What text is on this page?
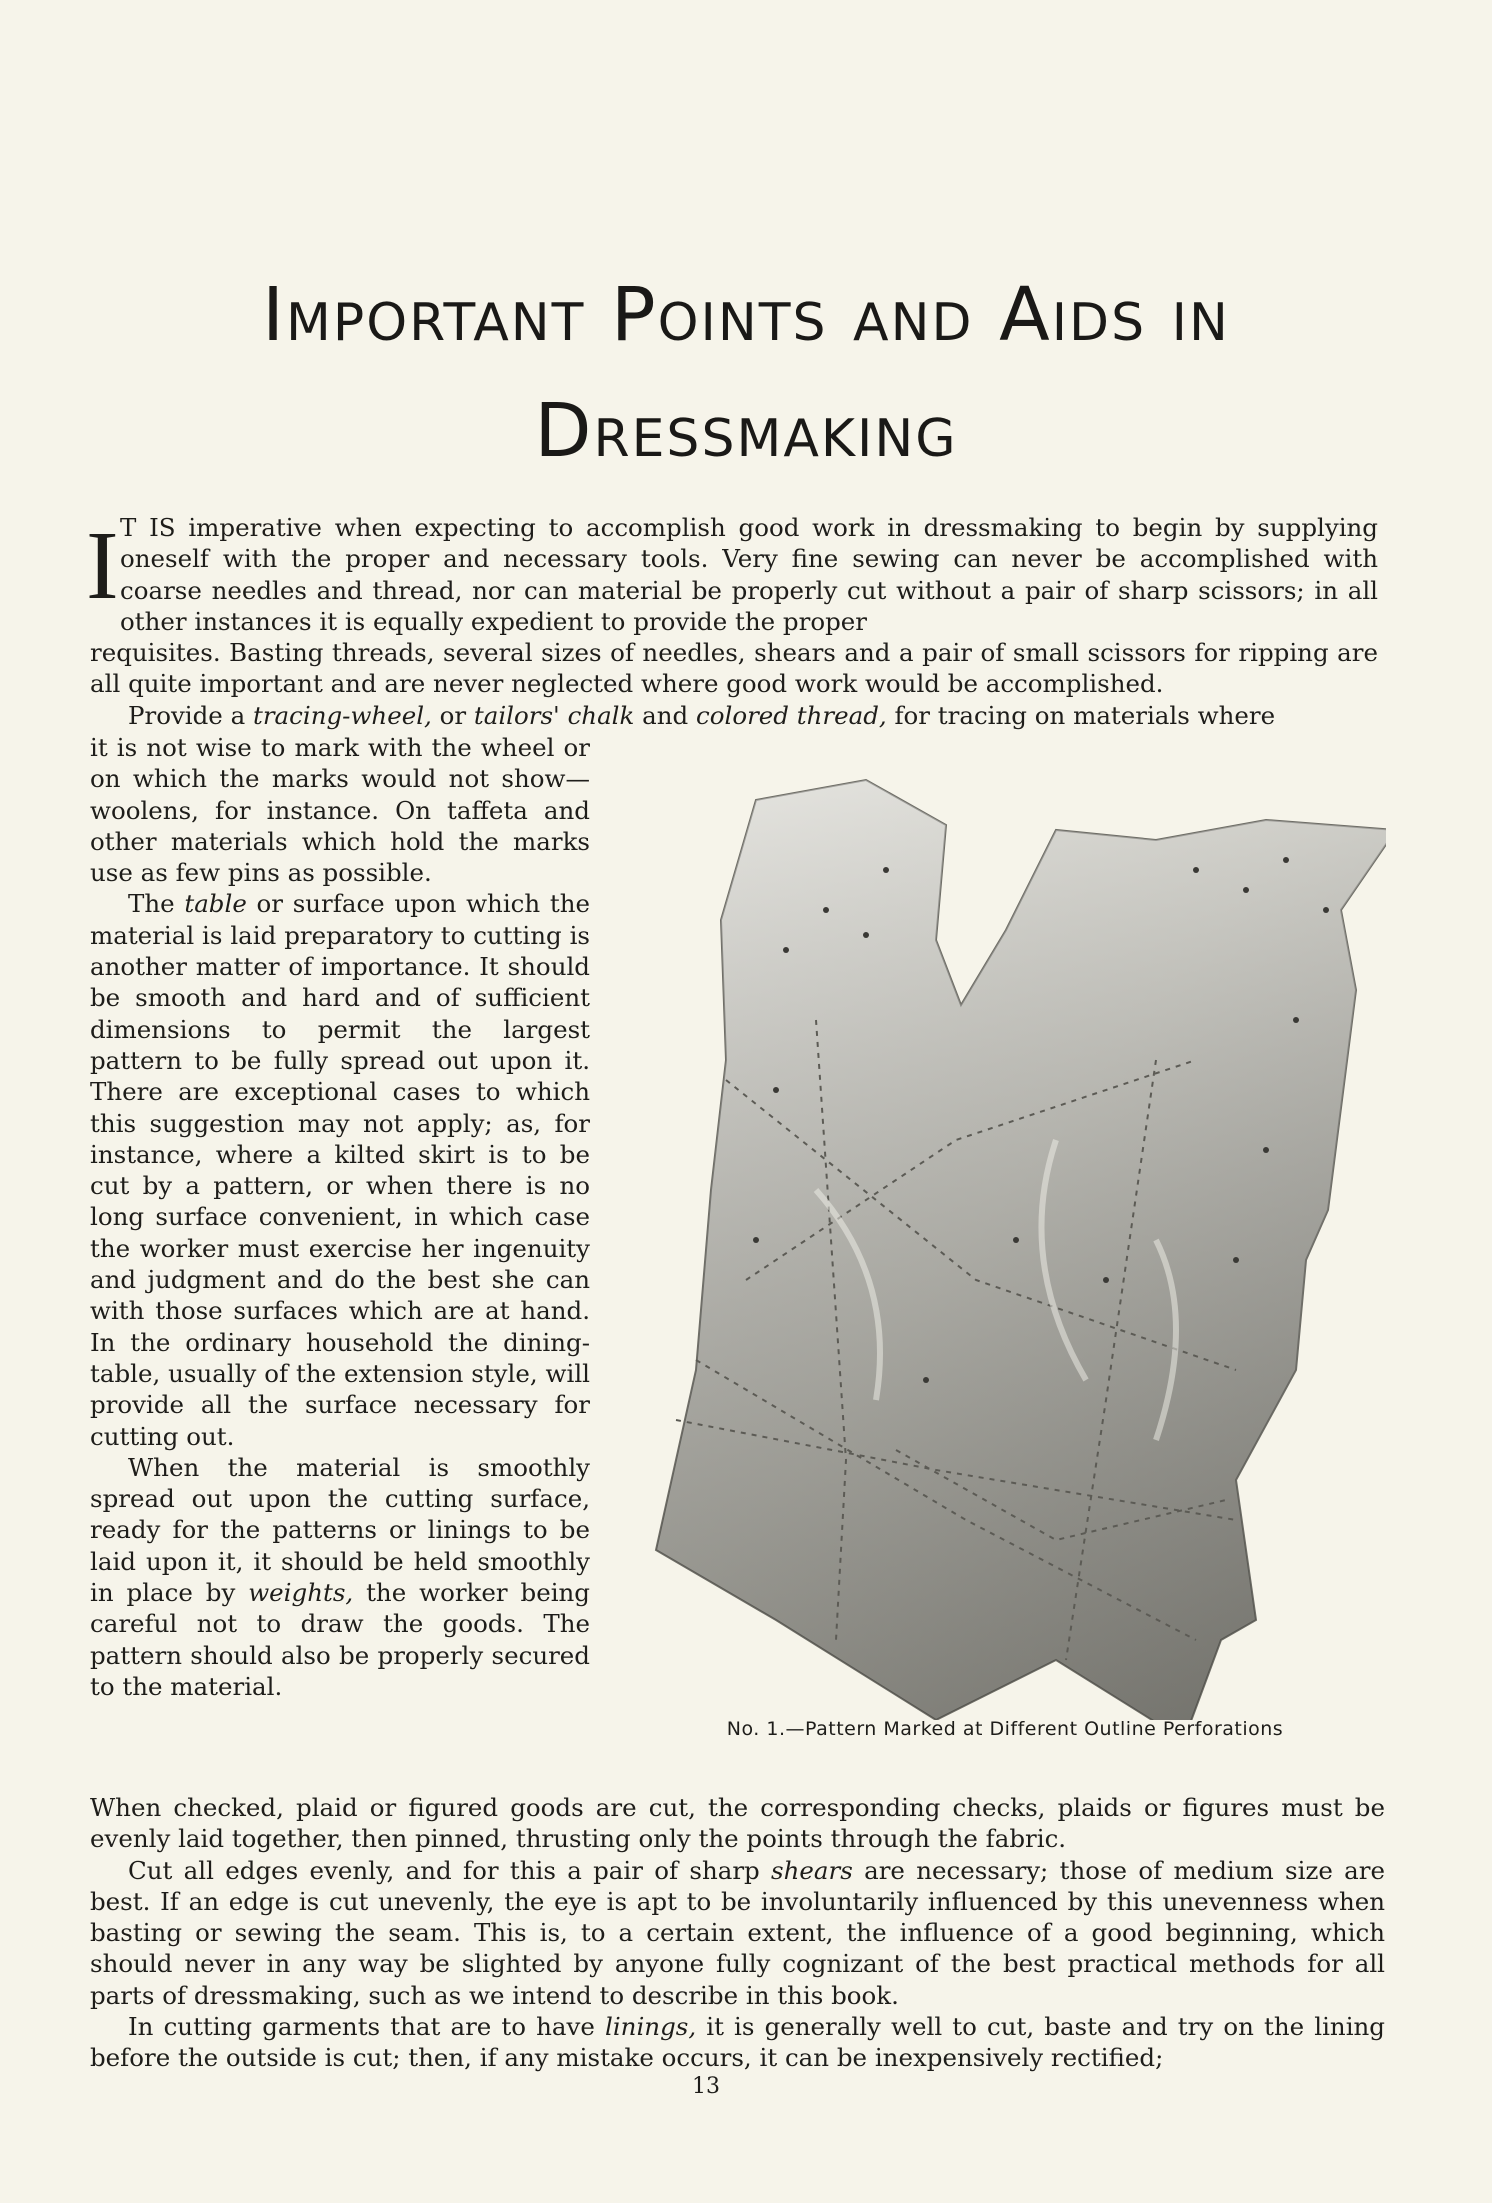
Important Points and Aids in
Dressmaking
I T IS imperative when expecting to accomplish good work in dressmaking to begin by supplying oneself with the proper and necessary tools. Very fine sewing can never be accomplished with coarse needles and thread, nor can material be properly cut without a pair of sharp scissors; in all other instances it is equally expedient to provide the proper
requisites. Basting threads, several sizes of needles, shears and a pair of small scissors for ripping are all quite important and are never neglected where good work would be accomplished.
Provide a tracing-wheel, or tailors' chalk and colored thread, for tracing on materials where
it is not wise to mark with the wheel or on which the marks would not show—woolens, for instance. On taffeta and other materials which hold the marks use as few pins as possible.
The table or surface upon which the material is laid preparatory to cutting is another matter of importance. It should be smooth and hard and of sufficient dimensions to permit the largest pattern to be fully spread out upon it. There are exceptional cases to which this suggestion may not apply; as, for instance, where a kilted skirt is to be cut by a pattern, or when there is no long surface convenient, in which case the worker must exercise her ingenuity and judgment and do the best she can with those surfaces which are at hand. In the ordinary household the dining-table, usually of the extension style, will provide all the surface necessary for cutting out.
When the material is smoothly spread out upon the cutting surface, ready for the patterns or linings to be laid upon it, it should be held smoothly in place by weights, the worker being careful not to draw the goods. The pattern should also be properly secured to the material.
No. 1.—Pattern Marked at Different Outline Perforations
When checked, plaid or figured goods are cut, the corresponding checks, plaids or figures must be evenly laid together, then pinned, thrusting only the points through the fabric.
Cut all edges evenly, and for this a pair of sharp shears are necessary; those of medium size are best. If an edge is cut unevenly, the eye is apt to be involuntarily influenced by this unevenness when basting or sewing the seam. This is, to a certain extent, the influence of a good beginning, which should never in any way be slighted by anyone fully cognizant of the best practical methods for all parts of dressmaking, such as we intend to describe in this book.
In cutting garments that are to have linings, it is generally well to cut, baste and try on the lining before the outside is cut; then, if any mistake occurs, it can be inexpensively rectified;
13
